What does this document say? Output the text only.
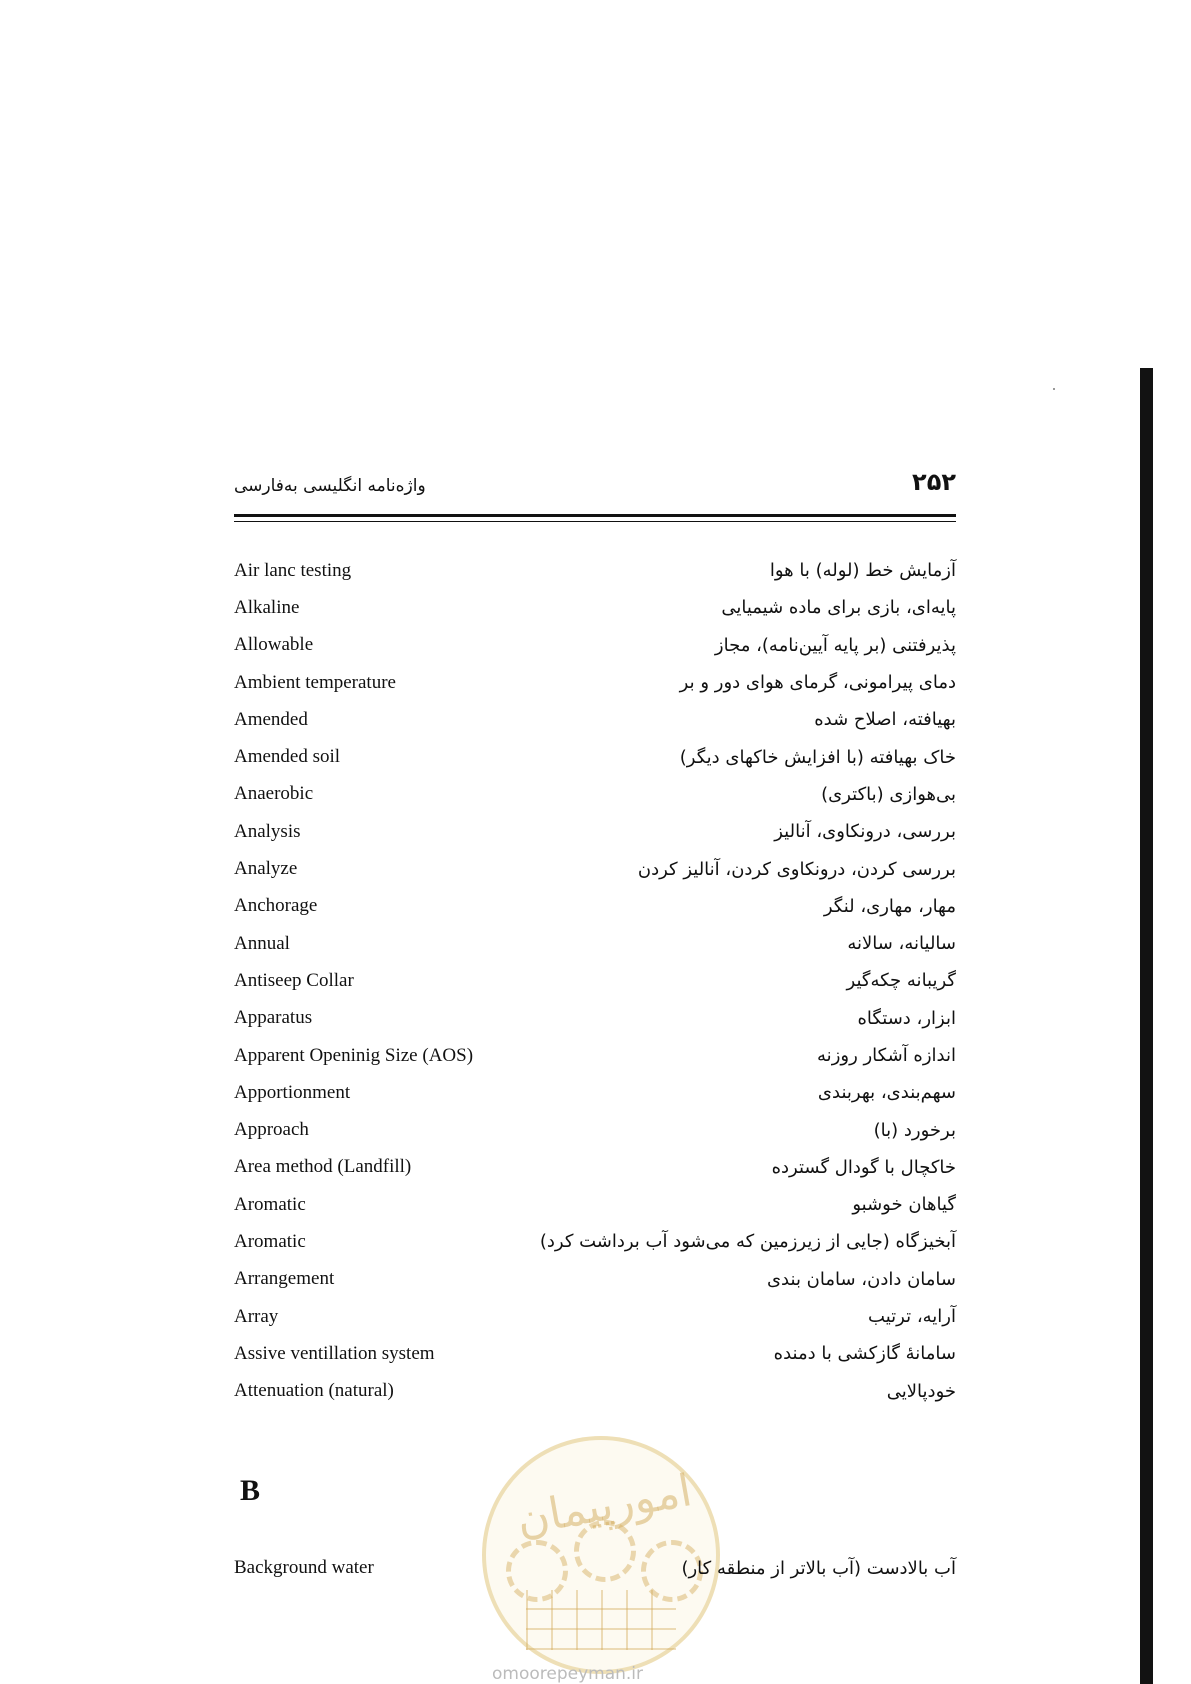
واژه‌نامه انگلیسی به‌فارسی	۲۵۲
Air lanc testing	آزمایش خط (لوله) با هوا
Alkaline	پایه‌ای، بازی برای ماده شیمیایی
Allowable	پذیرفتنی (بر پایه آیین‌نامه)، مجاز
Ambient temperature	دمای پیرامونی، گرمای هوای دور و بر
Amended	بهیافته، اصلاح شده
Amended soil	خاک بهیافته (با افزایش خاکهای دیگر)
Anaerobic	بی‌هوازی (باکتری)
Analysis	بررسی، درونکاوی، آنالیز
Analyze	بررسی کردن، درونکاوی کردن، آنالیز کردن
Anchorage	مهار، مهاری، لنگر
Annual	سالیانه، سالانه
Antiseep Collar	گریبانه چکه‌گیر
Apparatus	ابزار، دستگاه
Apparent Openinig Size (AOS)	اندازه آشکار روزنه
Apportionment	سهم‌بندی، بهربندی
Approach	برخورد (با)
Area method (Landfill)	خاکچال با گودال گسترده
Aromatic	گیاهان خوشبو
Aromatic	آبخیزگاه (جایی از زیرزمین که می‌شود آب برداشت کرد)
Arrangement	سامان دادن، سامان بندی
Array	آرایه، ترتیب
Assive ventillation system	سامانهٔ گازکشی با دمنده
Attenuation (natural)	خودپالایی
B	امورپیمان
Background water	آب بالادست (آب بالاتر از منطقه کار)
omoorepeyman.ir
